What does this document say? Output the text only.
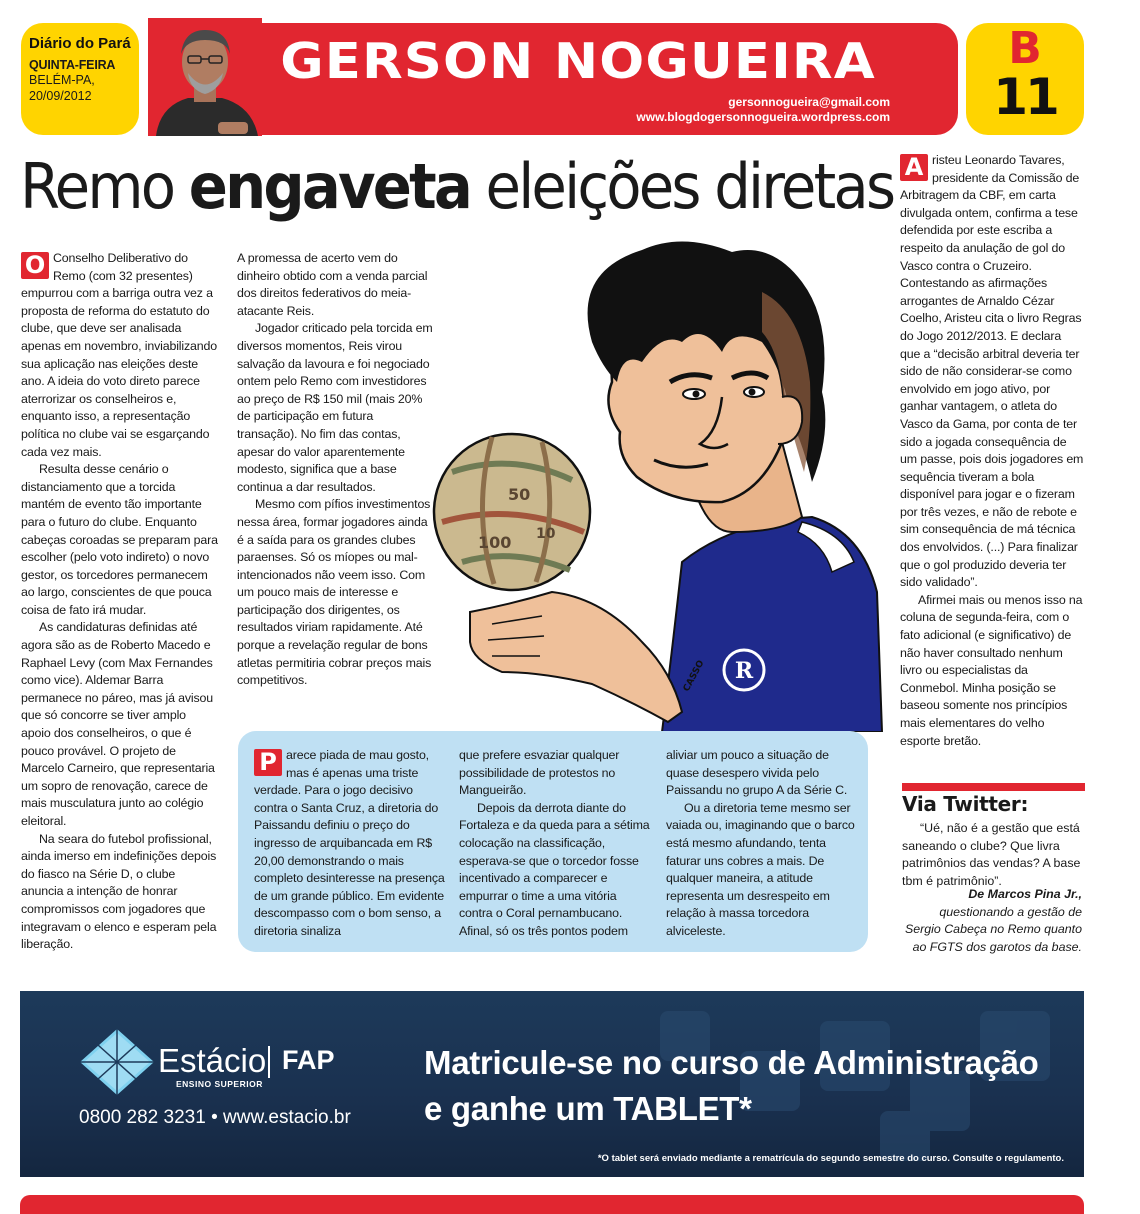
Diário do Pará
QUINTA-FEIRA
BELÉM-PA,
20/09/2012
GERSON NOGUEIRA
gersonnogueira@gmail.com
www.blogdogersonnogueira.wordpress.com
B
11
Remo engaveta eleições diretas

O Conselho Deliberativo do Remo (com 32 presentes) empurrou com a barriga outra vez a proposta de reforma do estatuto do clube, que deve ser analisada apenas em novembro, inviabilizando sua aplicação nas eleições deste ano. A ideia do voto direto parece aterrorizar os conselheiros e, enquanto isso, a representação política no clube vai se esgarçando cada vez mais.

Resulta desse cenário o distanciamento que a torcida mantém de evento tão importante para o futuro do clube. Enquanto cabeças coroadas se preparam para escolher (pelo voto indireto) o novo gestor, os torcedores permanecem ao largo, conscientes de que pouca coisa de fato irá mudar.

As candidaturas definidas até agora são as de Roberto Macedo e Raphael Levy (com Max Fernandes como vice). Aldemar Barra permanece no páreo, mas já avisou que só concorre se tiver amplo apoio dos conselheiros, o que é pouco provável. O projeto de Marcelo Carneiro, que representaria um sopro de renovação, carece de mais musculatura junto ao colégio eleitoral.

Na seara do futebol profissional, ainda imerso em indefinições depois do fiasco na Série D, o clube anuncia a intenção de honrar compromissos com jogadores que integravam o elenco e esperam pela liberação.

A promessa de acerto vem do dinheiro obtido com a venda parcial dos direitos federativos do meia-atacante Reis.

Jogador criticado pela torcida em diversos momentos, Reis virou salvação da lavoura e foi negociado ontem pelo Remo com investidores ao preço de R$ 150 mil (mais 20% de participação em futura transação). No fim das contas, apesar do valor aparentemente modesto, significa que a base continua a dar resultados.

Mesmo com pífios investimentos nessa área, formar jogadores ainda é a saída para os grandes clubes paraenses. Só os míopes ou mal-intencionados não veem isso. Com um pouco mais de interesse e participação dos dirigentes, os resultados viriam rapidamente. Até porque a revelação regular de bons atletas permitiria cobrar preços mais competitivos.	R
50
100 10
CASSO

P arece piada de mau gosto, mas é apenas uma triste verdade. Para o jogo decisivo contra o Santa Cruz, a diretoria do Paissandu definiu o preço do ingresso de arquibancada em R$ 20,00 demonstrando o mais completo desinteresse na presença de um grande público. Em evidente descompasso com o bom senso, a diretoria sinaliza

que prefere esvaziar qualquer possibilidade de protestos no Mangueirão.

Depois da derrota diante do Fortaleza e da queda para a sétima colocação na classificação, esperava-se que o torcedor fosse incentivado a comparecer e empurrar o time a uma vitória contra o Coral pernambucano. Afinal, só os três pontos podem

aliviar um pouco a situação de quase desespero vivida pelo Paissandu no grupo A da Série C.

Ou a diretoria teme mesmo ser vaiada ou, imaginando que o barco está mesmo afundando, tenta faturar uns cobres a mais. De qualquer maneira, a atitude representa um desrespeito em relação à massa torcedora alviceleste.

A risteu Leonardo Tavares, presidente da Comissão de Arbitragem da CBF, em carta divulgada ontem, confirma a tese defendida por este escriba a respeito da anulação de gol do Vasco contra o Cruzeiro. Contestando as afirmações arrogantes de Arnaldo Cézar Coelho, Aristeu cita o livro Regras do Jogo 2012/2013. E declara que a “decisão arbitral deveria ter sido de não considerar-se como envolvido em jogo ativo, por ganhar vantagem, o atleta do Vasco da Gama, por conta de ter sido a jogada consequência de um passe, pois dois jogadores em sequência tiveram a bola disponível para jogar e o fizeram por três vezes, e não de rebote e sim consequência de má técnica dos envolvidos. (...) Para finalizar que o gol produzido deveria ter sido validado”.

Afirmei mais ou menos isso na coluna de segunda-feira, com o fato adicional (e significativo) de não haver consultado nenhum livro ou especialistas da Conmebol. Minha posição se baseou somente nos princípios mais elementares do velho esporte bretão.

Via Twitter:
“Ué, não é a gestão que está saneando o clube? Que livra patrimônios das vendas? A base tbm é patrimônio”.
De Marcos Pina Jr.,
questionando a gestão de Sergio Cabeça no Remo quanto ao FGTS dos garotos da base.
Estácio FAP
ENSINO SUPERIOR
0800 282 3231 • www.estacio.br
Matricule-se no curso de Administração
e ganhe um TABLET*
*O tablet será enviado mediante a rematrícula do segundo semestre do curso. Consulte o regulamento.
